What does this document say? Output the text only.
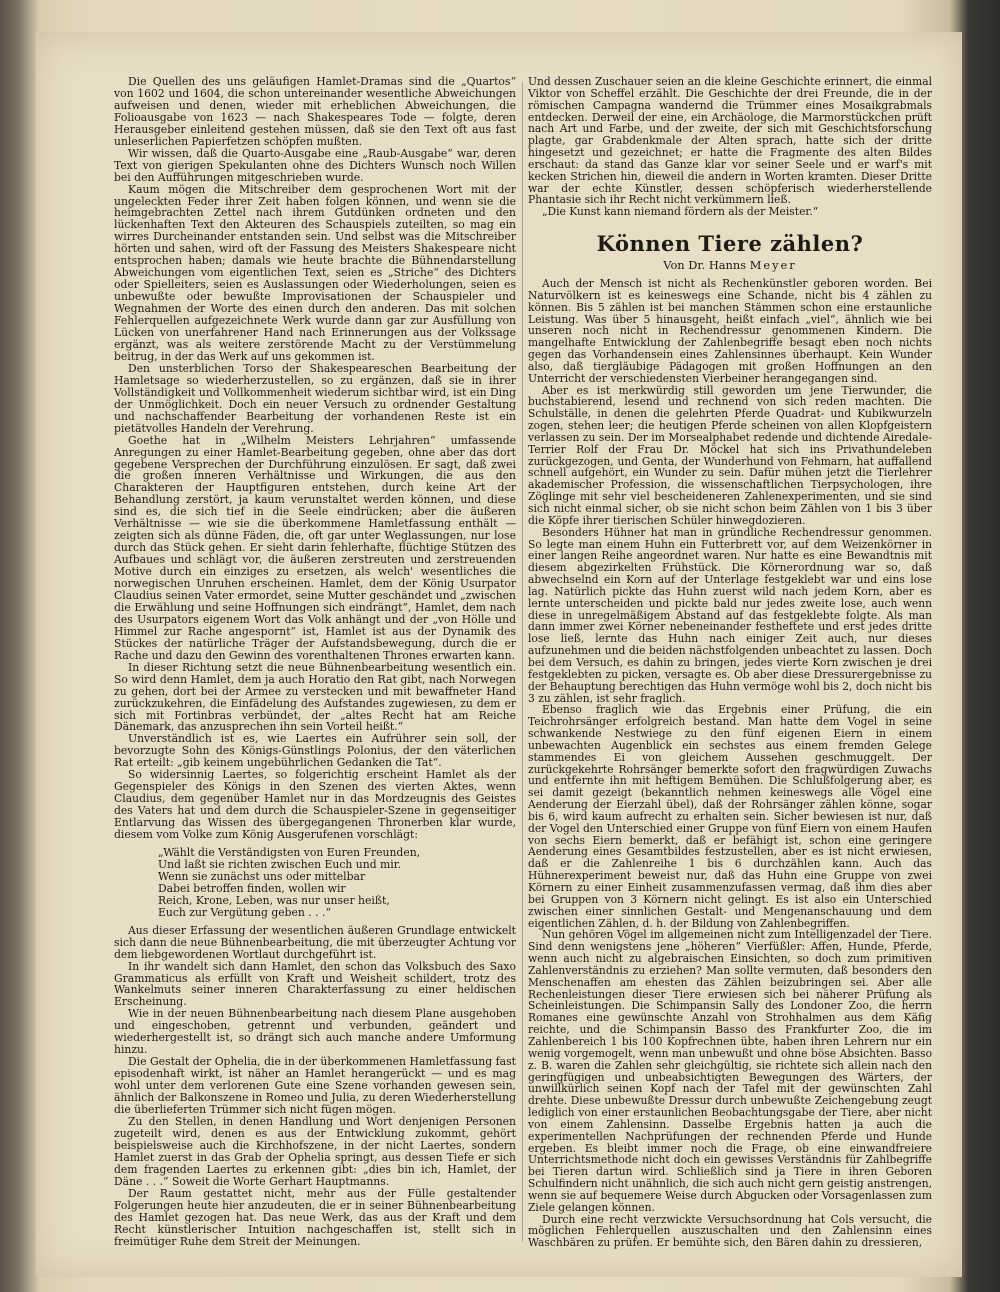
Die Quellen des uns geläufigen Hamlet-Dramas sind die „Quartos“ von 1602 und 1604, die schon untereinander wesentliche Abweichungen aufweisen und denen, wieder mit erheblichen Abweichungen, die Folioausgabe von 1623 — nach Shakespeares Tode — folgte, deren Herausgeber einleitend gestehen müssen, daß sie den Text oft aus fast unleserlichen Papierfetzen schöpfen mußten.

Wir wissen, daß die Quarto-Ausgabe eine „Raub-Ausgabe“ war, deren Text von gierigen Spekulanten ohne des Dichters Wunsch noch Willen bei den Aufführungen mitgeschrieben wurde.

Kaum mögen die Mitschreiber dem gesprochenen Wort mit der ungeleckten Feder ihrer Zeit haben folgen können, und wenn sie die heimgebrachten Zettel nach ihrem Gutdünken ordneten und den lückenhaften Text den Akteuren des Schauspiels zuteilten, so mag ein wirres Durcheinander entstanden sein. Und selbst was die Mitschreiber hörten und sahen, wird oft der Fassung des Meisters Shakespeare nicht entsprochen haben; damals wie heute brachte die Bühnendarstellung Abweichungen vom eigentlichen Text, seien es „Striche“ des Dichters oder Spielleiters, seien es Auslassungen oder Wiederholungen, seien es unbewußte oder bewußte Improvisationen der Schauspieler und Wegnahmen der Worte des einen durch den anderen. Das mit solchen Fehlerquellen aufgezeichnete Werk wurde dann gar zur Ausfüllung von Lücken von unerfahrener Hand nach Erinnerungen aus der Volkssage ergänzt, was als weitere zerstörende Macht zu der Verstümmelung beitrug, in der das Werk auf uns gekommen ist.

Den unsterblichen Torso der Shakespeareschen Bearbeitung der Hamletsage so wiederherzustellen, so zu ergänzen, daß sie in ihrer Vollständigkeit und Vollkommenheit wiederum sichtbar wird, ist ein Ding der Unmöglichkeit. Doch ein neuer Versuch zu ordnender Gestaltung und nachschaffender Bearbeitung der vorhandenen Reste ist ein pietätvolles Handeln der Verehrung.

Goethe hat in „Wilhelm Meisters Lehrjahren“ umfassende Anregungen zu einer Hamlet-Bearbeitung gegeben, ohne aber das dort gegebene Versprechen der Durchführung einzulösen. Er sagt, daß zwei die großen inneren Verhältnisse und Wirkungen, die aus den Charakteren der Hauptfiguren entstehen, durch keine Art der Behandlung zerstört, ja kaum verunstaltet werden können, und diese sind es, die sich tief in die Seele eindrücken; aber die äußeren Verhältnisse — wie sie die überkommene Hamletfassung enthält — zeigten sich als dünne Fäden, die, oft gar unter Weglassungen, nur lose durch das Stück gehen. Er sieht darin fehlerhafte, flüchtige Stützen des Aufbaues und schlägt vor, die äußeren zerstreuten und zerstreuenden Motive durch ein einziges zu ersetzen, als welch' wesentliches die norwegischen Unruhen erscheinen. Hamlet, dem der König Usurpator Claudius seinen Vater ermordet, seine Mutter geschändet und „zwischen die Erwählung und seine Hoffnungen sich eindrängt“, Hamlet, dem nach des Usurpators eigenem Wort das Volk anhängt und der „von Hölle und Himmel zur Rache angespornt“ ist, Hamlet ist aus der Dynamik des Stückes der natürliche Träger der Aufstandsbewegung, durch die er Rache und dazu den Gewinn des vorenthaltenen Thrones erwarten kann.

In dieser Richtung setzt die neue Bühnenbearbeitung wesentlich ein. So wird denn Hamlet, dem ja auch Horatio den Rat gibt, nach Norwegen zu gehen, dort bei der Armee zu verstecken und mit bewaffneter Hand zurückzukehren, die Einfädelung des Aufstandes zugewiesen, zu dem er sich mit Fortinbras verbündet, der „altes Recht hat am Reiche Dänemark, das anzusprechen ihn sein Vorteil heißt.“

Unverständlich ist es, wie Laertes ein Aufrührer sein soll, der bevorzugte Sohn des Königs-Günstlings Polonius, der den väterlichen Rat erteilt: „gib keinem ungebührlichen Gedanken die Tat“.

So widersinnig Laertes, so folgerichtig erscheint Hamlet als der Gegenspieler des Königs in den Szenen des vierten Aktes, wenn Claudius, dem gegenüber Hamlet nur in das Mordzeugnis des Geistes des Vaters hat und dem durch die Schauspieler-Szene in gegenseitiger Entlarvung das Wissen des übergegangenen Thronerben klar wurde, diesem vom Volke zum König Ausgerufenen vorschlägt:

„Wählt die Verständigsten von Euren Freunden,
Und laßt sie richten zwischen Euch und mir.
Wenn sie zunächst uns oder mittelbar
Dabei betroffen finden, wollen wir
Reich, Krone, Leben, was nur unser heißt,
Euch zur Vergütung geben . . .“

Aus dieser Erfassung der wesentlichen äußeren Grundlage entwickelt sich dann die neue Bühnenbearbeitung, die mit überzeugter Achtung vor dem liebgewordenen Wortlaut durchgeführt ist.

In ihr wandelt sich dann Hamlet, den schon das Volksbuch des Saxo Grammaticus als erfüllt von Kraft und Weisheit schildert, trotz des Wankelmuts seiner inneren Charakterfassung zu einer heldischen Erscheinung.

Wie in der neuen Bühnenbearbeitung nach diesem Plane ausgehoben und eingeschoben, getrennt und verbunden, geändert und wiederhergestellt ist, so drängt sich auch manche andere Umformung hinzu.

Die Gestalt der Ophelia, die in der überkommenen Hamletfassung fast episodenhaft wirkt, ist näher an Hamlet herangerückt — und es mag wohl unter dem verlorenen Gute eine Szene vorhanden gewesen sein, ähnlich der Balkonszene in Romeo und Julia, zu deren Wiederherstellung die überlieferten Trümmer sich nicht fügen mögen.

Zu den Stellen, in denen Handlung und Wort denjenigen Personen zugeteilt wird, denen es aus der Entwicklung zukommt, gehört beispielsweise auch die Kirchhofszene, in der nicht Laertes, sondern Hamlet zuerst in das Grab der Ophelia springt, aus dessen Tiefe er sich dem fragenden Laertes zu erkennen gibt: „dies bin ich, Hamlet, der Däne . . .“ Soweit die Worte Gerhart Hauptmanns.

Der Raum gestattet nicht, mehr aus der Fülle gestaltender Folgerungen heute hier anzudeuten, die er in seiner Bühnenbearbeitung des Hamlet gezogen hat. Das neue Werk, das aus der Kraft und dem Recht künstlerischer Intuition nachgeschaffen ist, stellt sich in freimütiger Ruhe dem Streit der Meinungen.

Und dessen Zuschauer seien an die kleine Geschichte erinnert, die einmal Viktor von Scheffel erzählt. Die Geschichte der drei Freunde, die in der römischen Campagna wandernd die Trümmer eines Mosaikgrabmals entdecken. Derweil der eine, ein Archäologe, die Marmorstückchen prüft nach Art und Farbe, und der zweite, der sich mit Geschichtsforschung plagte, gar Grabdenkmale der Alten sprach, hatte sich der dritte hingesetzt und gezeichnet; er hatte die Fragmente des alten Bildes erschaut: da stand das Ganze klar vor seiner Seele und er warf's mit kecken Strichen hin, dieweil die andern in Worten kramten. Dieser Dritte war der echte Künstler, dessen schöpferisch wiederherstellende Phantasie sich ihr Recht nicht verkümmern ließ.

„Die Kunst kann niemand fördern als der Meister.“

Können Tiere zählen?
Von Dr. Hanns Meyer

Auch der Mensch ist nicht als Rechenkünstler geboren worden. Bei Naturvölkern ist es keineswegs eine Schande, nicht bis 4 zählen zu können. Bis 5 zählen ist bei manchen Stämmen schon eine erstaunliche Leistung. Was über 5 hinausgeht, heißt einfach „viel“, ähnlich wie bei unseren noch nicht in Rechendressur genommenen Kindern. Die mangelhafte Entwicklung der Zahlenbegriffe besagt eben noch nichts gegen das Vorhandensein eines Zahlensinnes überhaupt. Kein Wunder also, daß tiergläubige Pädagogen mit großen Hoffnungen an den Unterricht der verschiedensten Vierbeiner herangegangen sind.

Aber es ist merkwürdig still geworden um jene Tierwunder, die buchstabierend, lesend und rechnend von sich reden machten. Die Schulställe, in denen die gelehrten Pferde Quadrat- und Kubikwurzeln zogen, stehen leer; die heutigen Pferde scheinen von allen Klopfgeistern verlassen zu sein. Der im Morsealphabet redende und dichtende Airedale-Terrier Rolf der Frau Dr. Möckel hat sich ins Privathundeleben zurückgezogen, und Genta, der Wunderhund von Fehmarn, hat auffallend schnell aufgehört, ein Wunder zu sein. Dafür mühen jetzt die Tierlehrer akademischer Profession, die wissenschaftlichen Tierpsychologen, ihre Zöglinge mit sehr viel bescheideneren Zahlenexperimenten, und sie sind sich nicht einmal sicher, ob sie nicht schon beim Zählen von 1 bis 3 über die Köpfe ihrer tierischen Schüler hinwegdozieren.

Besonders Hühner hat man in gründliche Rechendressur genommen. So legte man einem Huhn ein Futterbrett vor, auf dem Weizenkörner in einer langen Reihe angeordnet waren. Nur hatte es eine Bewandtnis mit diesem abgezirkelten Frühstück. Die Körnerordnung war so, daß abwechselnd ein Korn auf der Unterlage festgeklebt war und eins lose lag. Natürlich pickte das Huhn zuerst wild nach jedem Korn, aber es lernte unterscheiden und pickte bald nur jedes zweite lose, auch wenn diese in unregelmäßigem Abstand auf das festgeklebte folgte. Als man dann immer zwei Körner nebeneinander festheftete und erst jedes dritte lose ließ, lernte das Huhn nach einiger Zeit auch, nur dieses aufzunehmen und die beiden nächstfolgenden unbeachtet zu lassen. Doch bei dem Versuch, es dahin zu bringen, jedes vierte Korn zwischen je drei festgeklebten zu picken, versagte es. Ob aber diese Dressurergebnisse zu der Behauptung berechtigen das Huhn vermöge wohl bis 2, doch nicht bis 3 zu zählen, ist sehr fraglich.

Ebenso fraglich wie das Ergebnis einer Prüfung, die ein Teichrohrsänger erfolgreich bestand. Man hatte dem Vogel in seine schwankende Nestwiege zu den fünf eigenen Eiern in einem unbewachten Augenblick ein sechstes aus einem fremden Gelege stammendes Ei von gleichem Aussehen geschmuggelt. Der zurückgekehrte Rohrsänger bemerkte sofort den fragwürdigen Zuwachs und entfernte ihn mit heftigem Bemühen. Die Schlußfolgerung aber, es sei damit gezeigt (bekanntlich nehmen keineswegs alle Vögel eine Aenderung der Eierzahl übel), daß der Rohrsänger zählen könne, sogar bis 6, wird kaum aufrecht zu erhalten sein. Sicher bewiesen ist nur, daß der Vogel den Unterschied einer Gruppe von fünf Eiern von einem Haufen von sechs Eiern bemerkt, daß er befähigt ist, schon eine geringere Aenderung eines Gesamtbildes festzustellen, aber es ist nicht erwiesen, daß er die Zahlenreihe 1 bis 6 durchzählen kann. Auch das Hühnerexperiment beweist nur, daß das Huhn eine Gruppe von zwei Körnern zu einer Einheit zusammenzufassen vermag, daß ihm dies aber bei Gruppen von 3 Körnern nicht gelingt. Es ist also ein Unterschied zwischen einer sinnlichen Gestalt- und Mengenanschauung und dem eigentlichen Zählen, d. h. der Bildung von Zahlenbegriffen.

Nun gehören Vögel im allgemeinen nicht zum Intelligenzadel der Tiere. Sind denn wenigstens jene „höheren“ Vierfüßler: Affen, Hunde, Pferde, wenn auch nicht zu algebraischen Einsichten, so doch zum primitiven Zahlenverständnis zu erziehen? Man sollte vermuten, daß besonders den Menschenaffen am ehesten das Zählen beizubringen sei. Aber alle Rechenleistungen dieser Tiere erwiesen sich bei näherer Prüfung als Scheinleistungen. Die Schimpansin Sally des Londoner Zoo, die herrn Romanes eine gewünschte Anzahl von Strohhalmen aus dem Käfig reichte, und die Schimpansin Basso des Frankfurter Zoo, die im Zahlenbereich 1 bis 100 Kopfrechnen übte, haben ihren Lehrern nur ein wenig vorgemogelt, wenn man unbewußt und ohne böse Absichten. Basso z. B. waren die Zahlen sehr gleichgültig, sie richtete sich allein nach den geringfügigen und unbeabsichtigten Bewegungen des Wärters, der unwillkürlich seinen Kopf nach der Tafel mit der gewünschten Zahl drehte. Diese unbewußte Dressur durch unbewußte Zeichengebung zeugt lediglich von einer erstaunlichen Beobachtungsgabe der Tiere, aber nicht von einem Zahlensinn. Dasselbe Ergebnis hatten ja auch die experimentellen Nachprüfungen der rechnenden Pferde und Hunde ergeben. Es bleibt immer noch die Frage, ob eine einwandfreiere Unterrichtsmethode nicht doch ein gewisses Verständnis für Zahlbegriffe bei Tieren dartun wird. Schließlich sind ja Tiere in ihren Geboren Schulfindern nicht unähnlich, die sich auch nicht gern geistig anstrengen, wenn sie auf bequemere Weise durch Abgucken oder Vorsagenlassen zum Ziele gelangen können.

Durch eine recht verzwickte Versuchsordnung hat Cols versucht, die möglichen Fehlerquellen auszuschalten und den Zahlensinn eines Waschbären zu prüfen. Er bemühte sich, den Bären dahin zu dressieren,
